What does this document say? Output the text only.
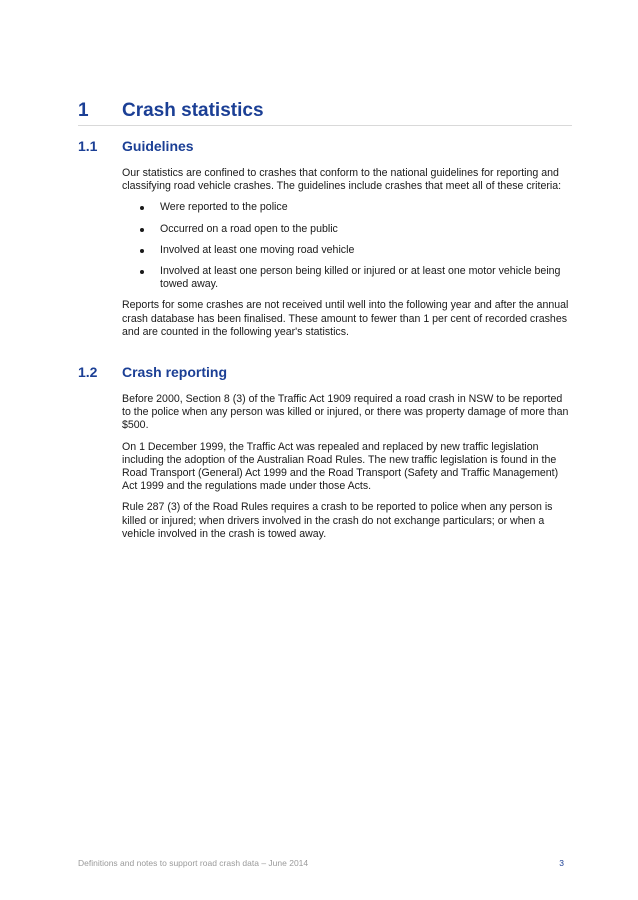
1 Crash statistics
1.1 Guidelines

Our statistics are confined to crashes that conform to the national guidelines for reporting and classifying road vehicle crashes. The guidelines include crashes that meet all of these criteria:

Were reported to the police
Occurred on a road open to the public
Involved at least one moving road vehicle
Involved at least one person being killed or injured or at least one motor vehicle being towed away.

Reports for some crashes are not received until well into the following year and after the annual crash database has been finalised. These amount to fewer than 1 per cent of recorded crashes and are counted in the following year's statistics.

1.2 Crash reporting

Before 2000, Section 8 (3) of the Traffic Act 1909 required a road crash in NSW to be reported to the police when any person was killed or injured, or there was property damage of more than $500.

On 1 December 1999, the Traffic Act was repealed and replaced by new traffic legislation including the adoption of the Australian Road Rules. The new traffic legislation is found in the Road Transport (General) Act 1999 and the Road Transport (Safety and Traffic Management) Act 1999 and the regulations made under those Acts.

Rule 287 (3) of the Road Rules requires a crash to be reported to police when any person is killed or injured; when drivers involved in the crash do not exchange particulars; or when a vehicle involved in the crash is towed away.

Definitions and notes to support road crash data – June 2014	3
